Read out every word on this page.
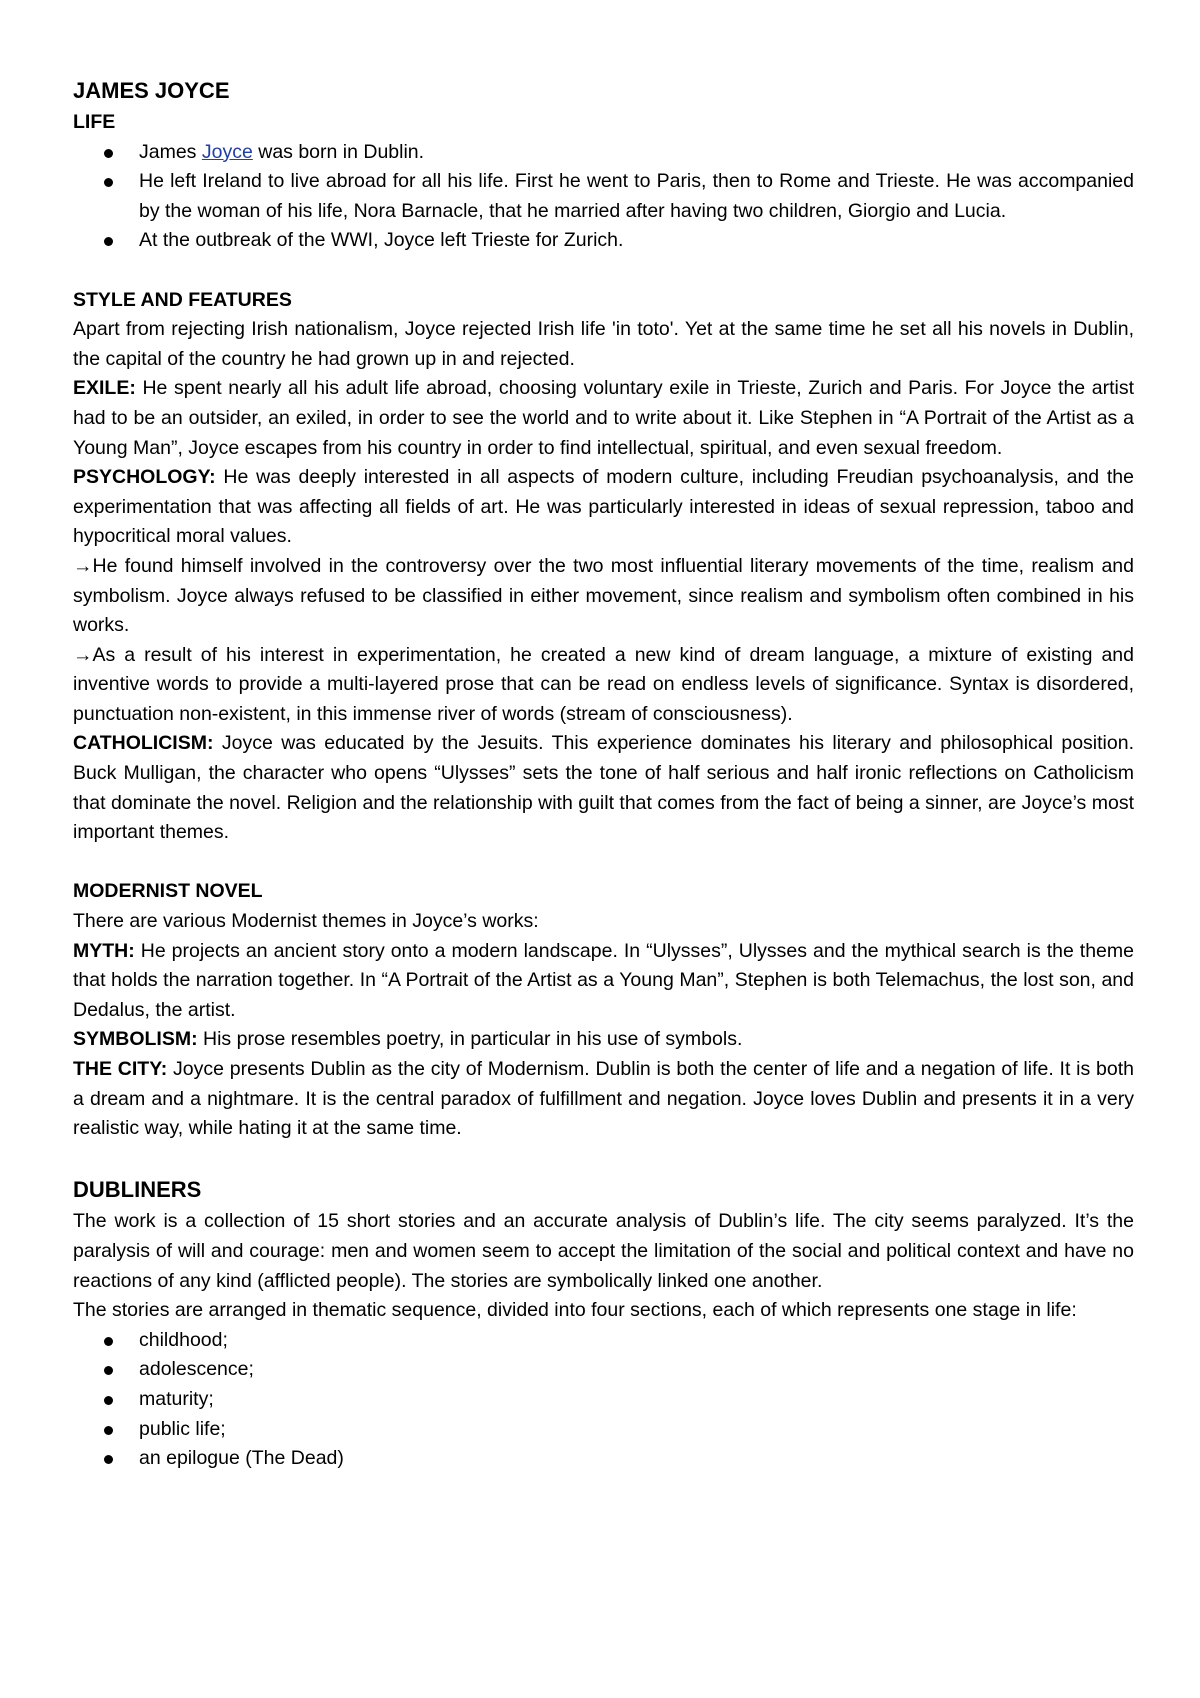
JAMES JOYCE
LIFE
James Joyce was born in Dublin.
He left Ireland to live abroad for all his life. First he went to Paris, then to Rome and Trieste. He was accompanied by the woman of his life, Nora Barnacle, that he married after having two children, Giorgio and Lucia.
At the outbreak of the WWI, Joyce left Trieste for Zurich.
STYLE AND FEATURES

Apart from rejecting Irish nationalism, Joyce rejected Irish life 'in toto'. Yet at the same time he set all his novels in Dublin, the capital of the country he had grown up in and rejected.

EXILE: He spent nearly all his adult life abroad, choosing voluntary exile in Trieste, Zurich and Paris. For Joyce the artist had to be an outsider, an exiled, in order to see the world and to write about it. Like Stephen in “A Portrait of the Artist as a Young Man”, Joyce escapes from his country in order to find intellectual, spiritual, and even sexual freedom.

PSYCHOLOGY: He was deeply interested in all aspects of modern culture, including Freudian psychoanalysis, and the experimentation that was affecting all fields of art. He was particularly interested in ideas of sexual repression, taboo and hypocritical moral values.

→He found himself involved in the controversy over the two most influential literary movements of the time, realism and symbolism. Joyce always refused to be classified in either movement, since realism and symbolism often combined in his works.

→As a result of his interest in experimentation, he created a new kind of dream language, a mixture of existing and inventive words to provide a multi-layered prose that can be read on endless levels of significance. Syntax is disordered, punctuation non-existent, in this immense river of words (stream of consciousness).

CATHOLICISM: Joyce was educated by the Jesuits. This experience dominates his literary and philosophical position. Buck Mulligan, the character who opens “Ulysses” sets the tone of half serious and half ironic reflections on Catholicism that dominate the novel. Religion and the relationship with guilt that comes from the fact of being a sinner, are Joyce’s most important themes.

MODERNIST NOVEL

There are various Modernist themes in Joyce’s works:

MYTH: He projects an ancient story onto a modern landscape. In “Ulysses”, Ulysses and the mythical search is the theme that holds the narration together. In “A Portrait of the Artist as a Young Man”, Stephen is both Telemachus, the lost son, and Dedalus, the artist.

SYMBOLISM: His prose resembles poetry, in particular in his use of symbols.

THE CITY: Joyce presents Dublin as the city of Modernism. Dublin is both the center of life and a negation of life. It is both a dream and a nightmare. It is the central paradox of fulfillment and negation. Joyce loves Dublin and presents it in a very realistic way, while hating it at the same time.

DUBLINERS

The work is a collection of 15 short stories and an accurate analysis of Dublin’s life. The city seems paralyzed. It’s the paralysis of will and courage: men and women seem to accept the limitation of the social and political context and have no reactions of any kind (afflicted people). The stories are symbolically linked one another.

The stories are arranged in thematic sequence, divided into four sections, each of which represents one stage in life:

childhood;
adolescence;
maturity;
public life;
an epilogue (The Dead)
